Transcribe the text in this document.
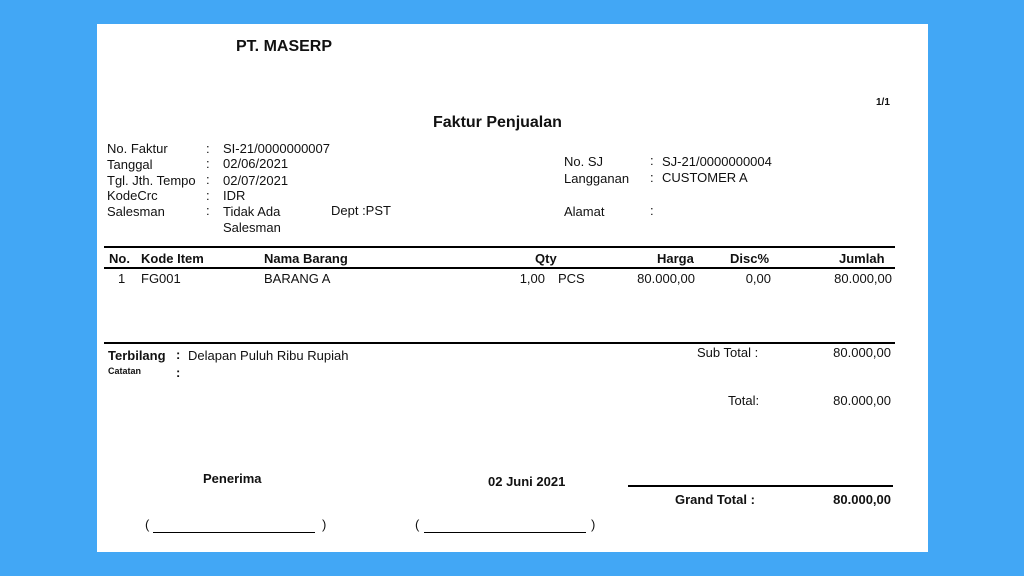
PT. MASERP
1/1
Faktur Penjualan
No. Faktur	: SI-21/0000000007
Tanggal	: 02/06/2021
Tgl. Jth. Tempo : 02/07/2021
KodeCrc	: IDR
Salesman	: Tidak Ada
Salesman
Dept :PST
No. SJ	: SJ-21/0000000004
Langganan : CUSTOMER A
Alamat	:
No. Kode Item	Nama Barang	Qty	Harga	Disc%	Jumlah
1 FG001	BARANG A	1,00 PCS	80.000,00	0,00	80.000,00
Terbilang : Delapan Puluh Ribu Rupiah
Catatan	:
Sub Total :	80.000,00
Total:	80.000,00
Penerima	02 Juni 2021
Grand Total :	80.000,00
(	)	(	)
